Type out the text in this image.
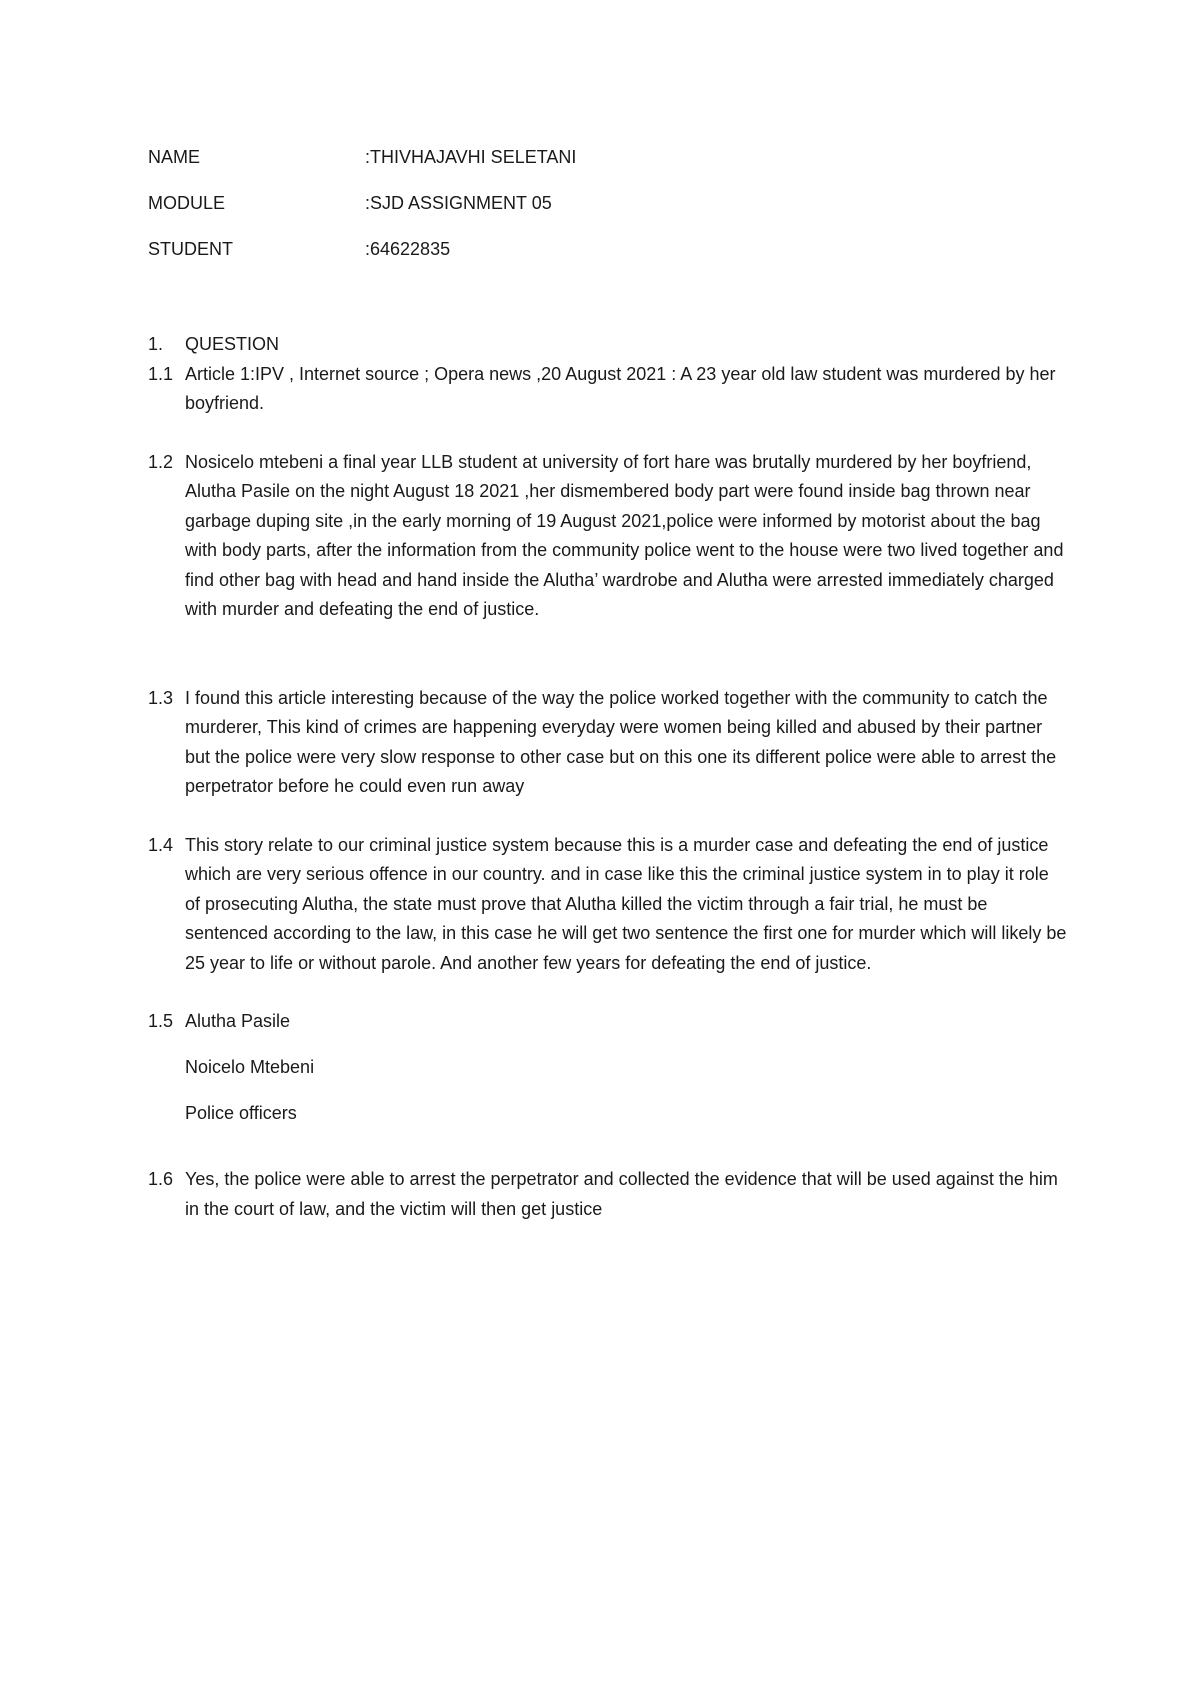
NAME	:THIVHAJAVHI SELETANI
MODULE	:SJD ASSIGNMENT 05
STUDENT	:64622835
1.	QUESTION
1.1 Article 1:IPV , Internet source ; Opera news ,20 August 2021 : A 23 year old law student was murdered by her boyfriend.
1.2 Nosicelo mtebeni a final year LLB student at university of fort hare was brutally murdered by her boyfriend, Alutha Pasile on the night August 18 2021 ,her dismembered body part were found inside bag thrown near garbage duping site ,in the early morning of 19 August 2021,police were informed by motorist about the bag with body parts, after the information from the community police went to the house were two lived together and find other bag with head and hand inside the Alutha’ wardrobe and Alutha were arrested immediately charged with murder and defeating the end of justice.
1.3 I found this article interesting because of the way the police worked together with the community to catch the murderer, This kind of crimes are happening everyday were women being killed and abused by their partner but the police were very slow response to other case but on this one its different police were able to arrest the perpetrator before he could even run away
1.4 This story relate to our criminal justice system because this is a murder case and defeating the end of justice which are very serious offence in our country. and in case like this the criminal justice system in to play it role of prosecuting Alutha, the state must prove that Alutha killed the victim through a fair trial, he must be sentenced according to the law, in this case he will get two sentence the first one for murder which will likely be 25 year to life or without parole. And another few years for defeating the end of justice.
1.5 Alutha Pasile
Noicelo Mtebeni
Police officers
1.6 Yes, the police were able to arrest the perpetrator and collected the evidence that will be used against the him in the court of law, and the victim will then get justice
